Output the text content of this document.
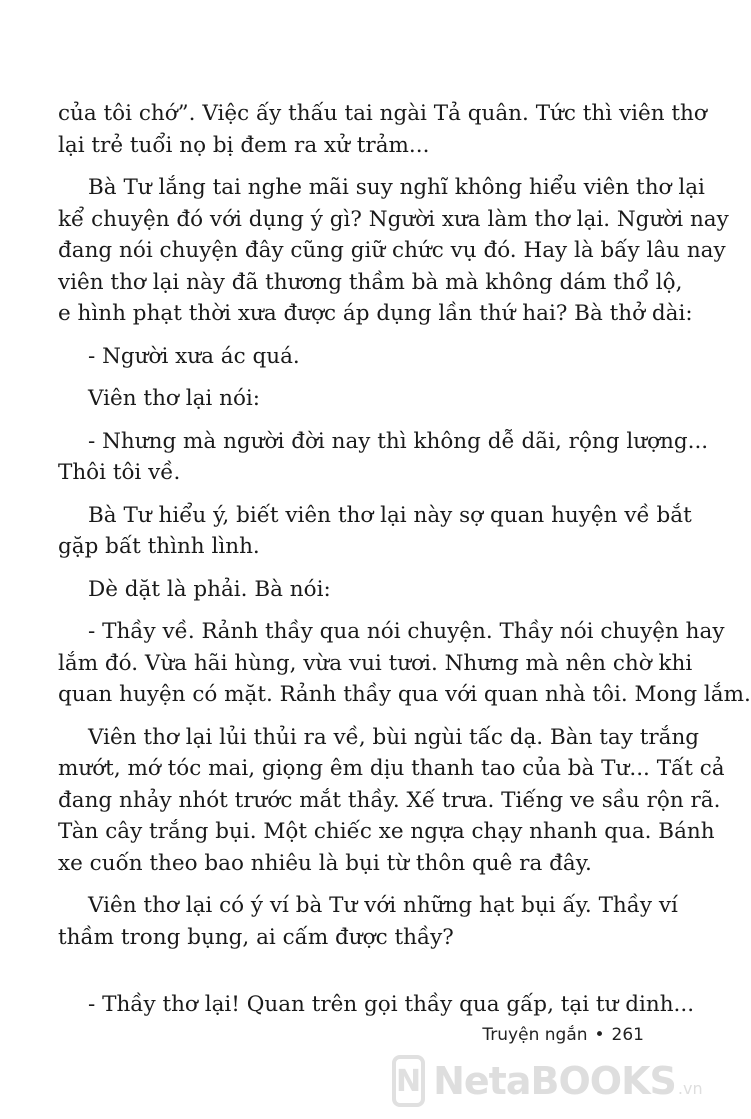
của tôi chớ”. Việc ấy thấu tai ngài Tả quân. Tức thì viên thơ
lại trẻ tuổi nọ bị đem ra xử trảm...
Bà Tư lắng tai nghe mãi suy nghĩ không hiểu viên thơ lại
kể chuyện đó với dụng ý gì? Người xưa làm thơ lại. Người nay
đang nói chuyện đây cũng giữ chức vụ đó. Hay là bấy lâu nay
viên thơ lại này đã thương thầm bà mà không dám thổ lộ,
e hình phạt thời xưa được áp dụng lần thứ hai? Bà thở dài:
- Người xưa ác quá.
Viên thơ lại nói:
- Nhưng mà người đời nay thì không dễ dãi, rộng lượng...
Thôi tôi về.
Bà Tư hiểu ý, biết viên thơ lại này sợ quan huyện về bắt
gặp bất thình lình.
Dè dặt là phải. Bà nói:
- Thầy về. Rảnh thầy qua nói chuyện. Thầy nói chuyện hay
lắm đó. Vừa hãi hùng, vừa vui tươi. Nhưng mà nên chờ khi
quan huyện có mặt. Rảnh thầy qua với quan nhà tôi. Mong lắm.
Viên thơ lại lủi thủi ra về, bùi ngùi tấc dạ. Bàn tay trắng
mướt, mớ tóc mai, giọng êm dịu thanh tao của bà Tư... Tất cả
đang nhảy nhót trước mắt thầy. Xế trưa. Tiếng ve sầu rộn rã.
Tàn cây trắng bụi. Một chiếc xe ngựa chạy nhanh qua. Bánh
xe cuốn theo bao nhiêu là bụi từ thôn quê ra đây.
Viên thơ lại có ý ví bà Tư với những hạt bụi ấy. Thầy ví
thầm trong bụng, ai cấm được thầy?
- Thầy thơ lại! Quan trên gọi thầy qua gấp, tại tư dinh...
Truyện ngắn • 261
N NetaBOOKS .vn
